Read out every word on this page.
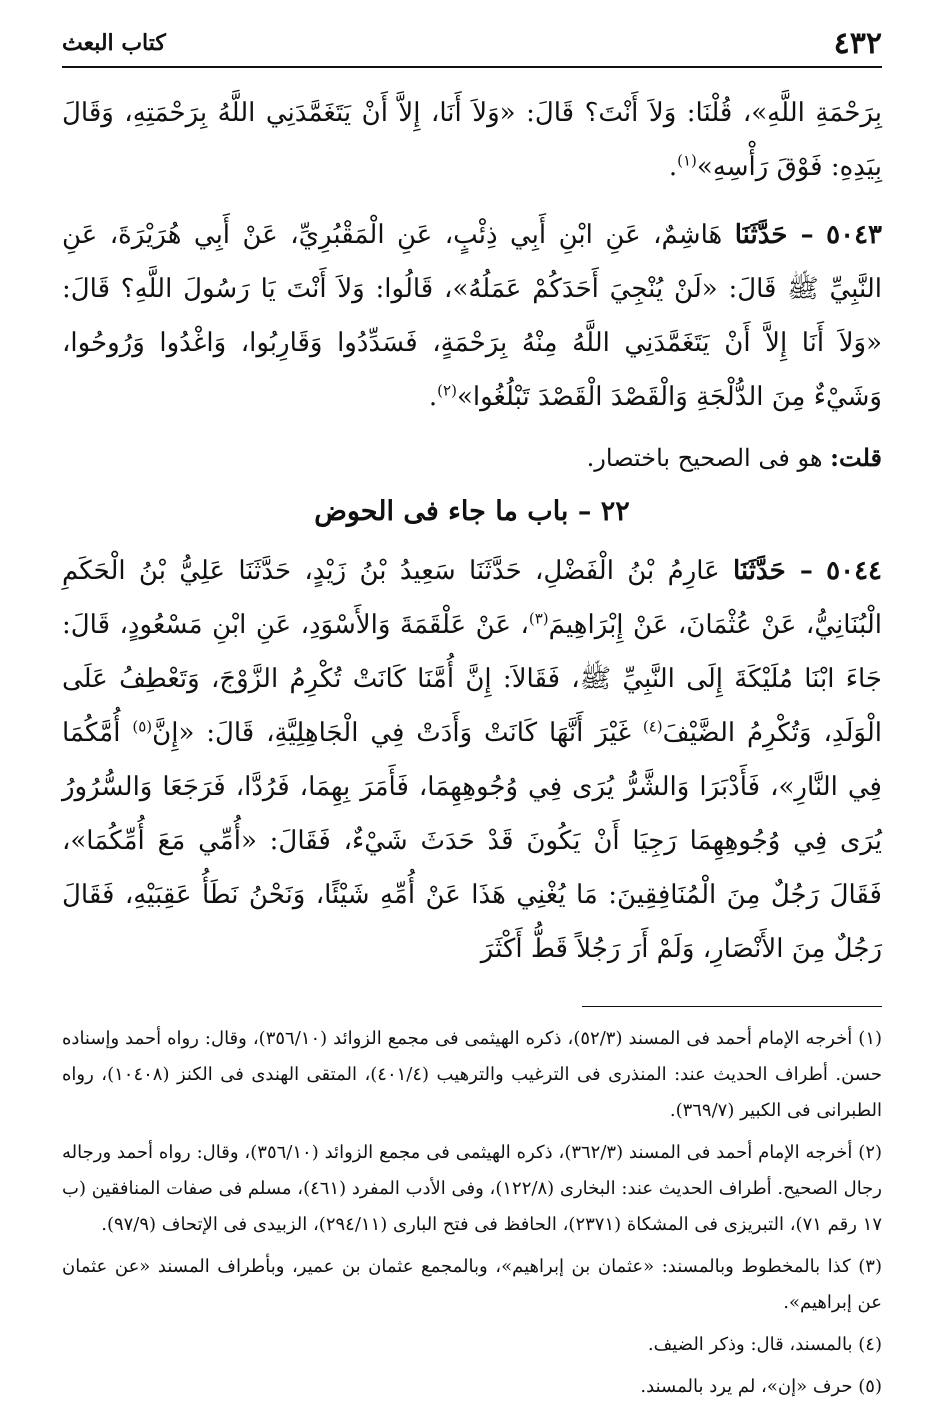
٤٣٢
كتاب البعث

بِرَحْمَةِ اللَّهِ»، قُلْنَا: وَلاَ أَنْتَ؟ قَالَ: «وَلاَ أَنَا، إِلاَّ أَنْ يَتَغَمَّدَنِي اللَّهُ بِرَحْمَتِهِ، وَقَالَ بِيَدِهِ: فَوْقَ رَأْسِهِ»$^{(١)}$.

٥٠٤٣ – حَدَّثَنَا هَاشِمٌ، عَنِ ابْنِ أَبِي ذِئْبٍ، عَنِ الْمَقْبُرِيِّ، عَنْ أَبِي هُرَيْرَةَ، عَنِ النَّبِيِّ ﷺ قَالَ: «لَنْ يُنْجِيَ أَحَدَكُمْ عَمَلُهُ»، قَالُوا: وَلاَ أَنْتَ يَا رَسُولَ اللَّهِ؟ قَالَ: «وَلاَ أَنَا إِلاَّ أَنْ يَتَغَمَّدَنِي اللَّهُ مِنْهُ بِرَحْمَةٍ، فَسَدِّدُوا وَقَارِبُوا، وَاغْدُوا وَرُوحُوا، وَشَيْءٌ مِنَ الدُّلْجَةِ وَالْقَصْدَ الْقَصْدَ تَبْلُغُوا»$^{(٢)}$.

قلت: هو فى الصحيح باختصار.
٢٢ – باب ما جاء فى الحوض

٥٠٤٤ – حَدَّثَنَا عَارِمُ بْنُ الْفَضْلِ، حَدَّثَنَا سَعِيدُ بْنُ زَيْدٍ، حَدَّثَنَا عَلِيُّ بْنُ الْحَكَمِ الْبُنَانِيُّ، عَنْ عُثْمَانَ، عَنْ إِبْرَاهِيمَ$^{(٣)}$، عَنْ عَلْقَمَةَ وَالأَسْوَدِ، عَنِ ابْنِ مَسْعُودٍ، قَالَ: جَاءَ ابْنَا مُلَيْكَةَ إِلَى النَّبِيِّ ﷺ، فَقَالاَ: إِنَّ أُمَّنَا كَانَتْ تُكْرِمُ الزَّوْجَ، وَتَعْطِفُ عَلَى الْوَلَدِ، وَتُكْرِمُ الضَّيْفَ$^{(٤)}$ غَيْرَ أَنَّهَا كَانَتْ وَأَدَتْ فِي الْجَاهِلِيَّةِ، قَالَ: «إِنَّ$^{(٥)}$ أُمَّكُمَا فِي النَّارِ»، فَأَدْبَرَا وَالشَّرُّ يُرَى فِي وُجُوهِهِمَا، فَأَمَرَ بِهِمَا، فَرُدَّا، فَرَجَعَا وَالسُّرُورُ يُرَى فِي وُجُوهِهِمَا رَجِيَا أَنْ يَكُونَ قَدْ حَدَثَ شَيْءٌ، فَقَالَ: «أُمِّي مَعَ أُمِّكُمَا»، فَقَالَ رَجُلٌ مِنَ الْمُنَافِقِينَ: مَا يُغْنِي هَذَا عَنْ أُمِّهِ شَيْئًا، وَنَحْنُ نَطَأُ عَقِبَيْهِ، فَقَالَ رَجُلٌ مِنَ الأَنْصَارِ، وَلَمْ أَرَ رَجُلاً قَطُّ أَكْثَرَ

(١) أخرجه الإمام أحمد فى المسند (٥٢/٣)، ذكره الهيثمى فى مجمع الزوائد (٣٥٦/١٠)، وقال: رواه أحمد وإسناده حسن. أطراف الحديث عند: المنذرى فى الترغيب والترهيب (٤٠١/٤)، المتقى الهندى فى الكنز (١٠٤٠٨)، رواه الطبرانى فى الكبير (٣٦٩/٧).

(٢) أخرجه الإمام أحمد فى المسند (٣٦٢/٣)، ذكره الهيثمى فى مجمع الزوائد (٣٥٦/١٠)، وقال: رواه أحمد ورجاله رجال الصحيح. أطراف الحديث عند: البخارى (١٢٢/٨)، وفى الأدب المفرد (٤٦١)، مسلم فى صفات المنافقين (ب ١٧ رقم ٧١)، التبريزى فى المشكاة (٢٣٧١)، الحافظ فى فتح البارى (٢٩٤/١١)، الزبيدى فى الإتحاف (٩٧/٩).

(٣) كذا بالمخطوط وبالمسند: «عثمان بن إبراهيم»، وبالمجمع عثمان بن عمير، وبأطراف المسند «عن عثمان عن إبراهيم».

(٤) بالمسند، قال: وذكر الضيف.

(٥) حرف «إن»، لم يرد بالمسند.
